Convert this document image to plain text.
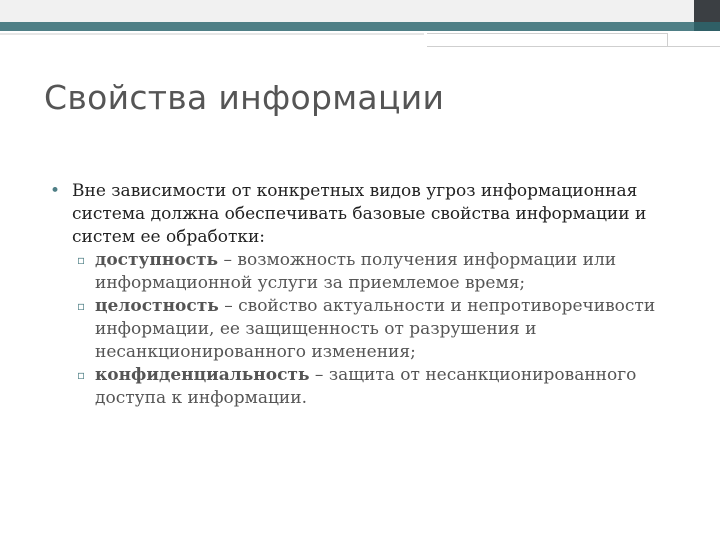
Свойства информации
• Вне зависимости от конкретных видов угроз информационная система должна обеспечивать базовые свойства информации и систем ее обработки:
▫ доступность – возможность получения информации или информационной услуги за приемлемое время;
▫ целостность – свойство актуальности и непротиворечивости информации, ее защищенность от разрушения и несанкционированного изменения;
▫ конфиденциальность – защита от несанкционированного доступа к информации.
